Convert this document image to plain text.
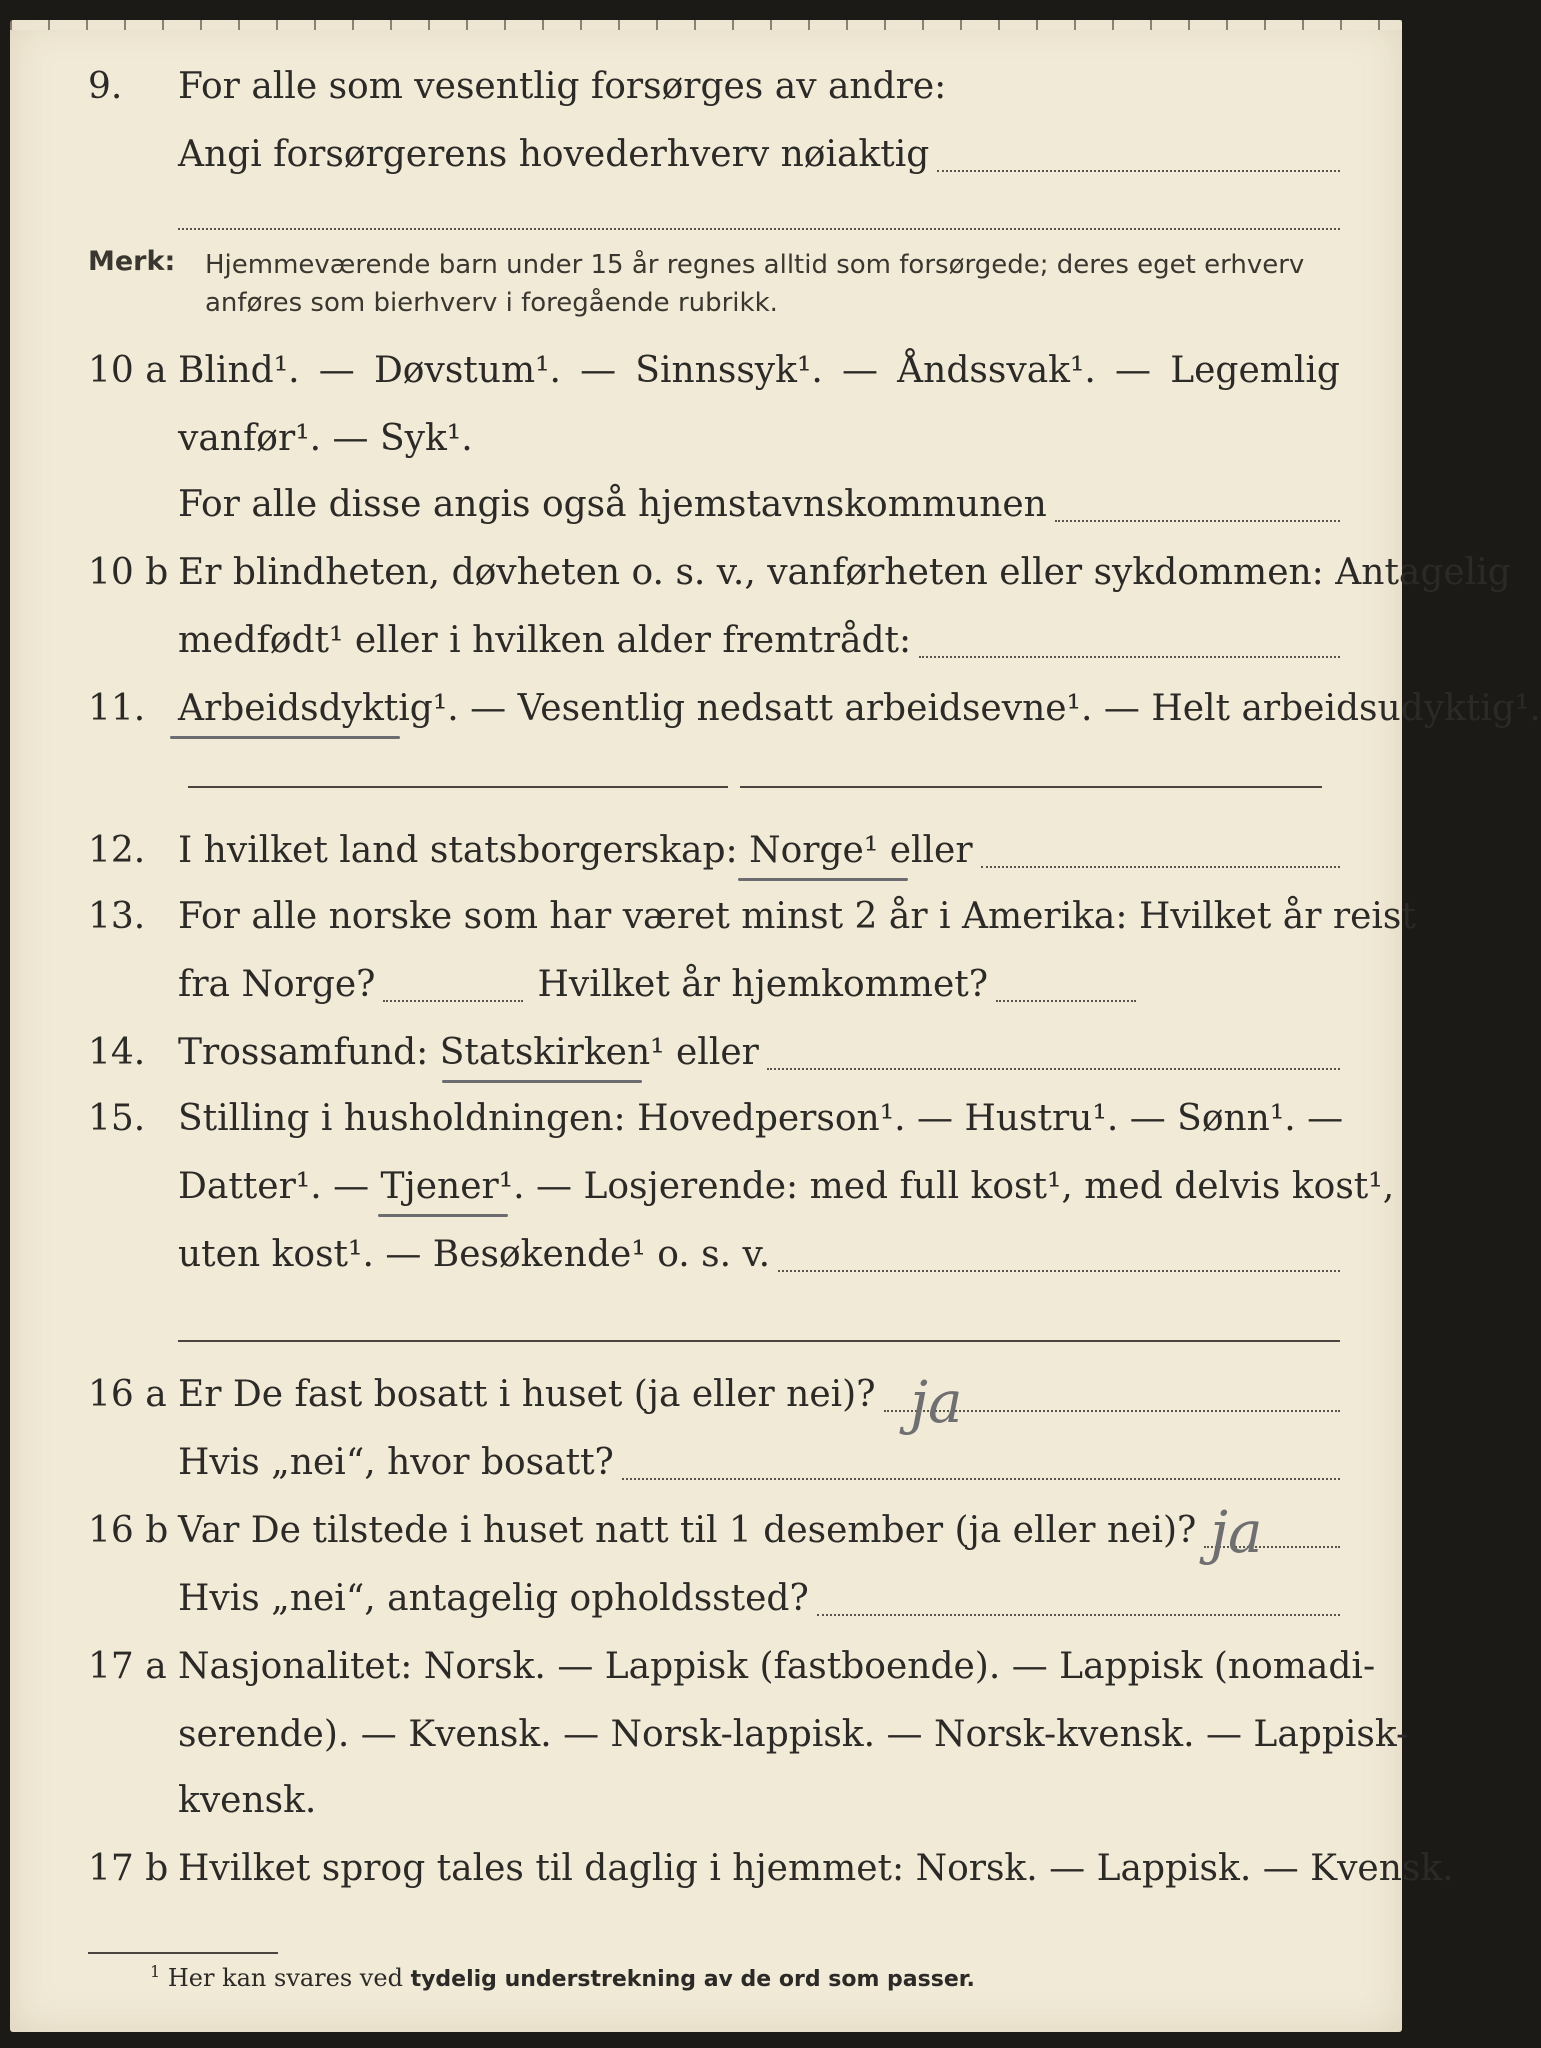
9.	For alle som vesentlig forsørges av andre:
Angi forsørgerens hovederhverv nøiaktig
Merk: Hjemmeværende barn under 15 år regnes alltid som forsørgede; deres eget erhverv
anføres som bierhverv i foregående rubrikk.
10 a Blind¹. — Døvstum¹. — Sinnssyk¹. — Åndssvak¹. — Legemlig
vanfør¹. — Syk¹.
For alle disse angis også hjemstavnskommunen
10 b Er blindheten, døvheten o. s. v., vanførheten eller sykdommen: Antagelig
medfødt¹ eller i hvilken alder fremtrådt:
11. Arbeidsdyktig¹. — Vesentlig nedsatt arbeidsevne¹. — Helt arbeidsudyktig¹.
12. I hvilket land statsborgerskap: Norge¹ eller
13. For alle norske som har været minst 2 år i Amerika: Hvilket år reist
fra Norge?	Hvilket år hjemkommet?
14. Trossamfund: Statskirken¹ eller
15. Stilling i husholdningen: Hovedperson¹. — Hustru¹. — Sønn¹. —
Datter¹. — Tjener¹. — Losjerende: med full kost¹, med delvis kost¹,
uten kost¹. — Besøkende¹ o. s. v.
16 a Er De fast bosatt i huset (ja eller nei)? ja
Hvis „nei“, hvor bosatt?
16 b Var De tilstede i huset natt til 1 desember (ja eller nei)? ja
Hvis „nei“, antagelig opholdssted?
17 a Nasjonalitet: Norsk. — Lappisk (fastboende). — Lappisk (nomadi-
serende). — Kvensk. — Norsk-lappisk. — Norsk-kvensk. — Lappisk-
kvensk.
17 b Hvilket sprog tales til daglig i hjemmet: Norsk. — Lappisk. — Kvensk.
$^1$ Her kan svares ved tydelig understrekning av de ord som passer.
